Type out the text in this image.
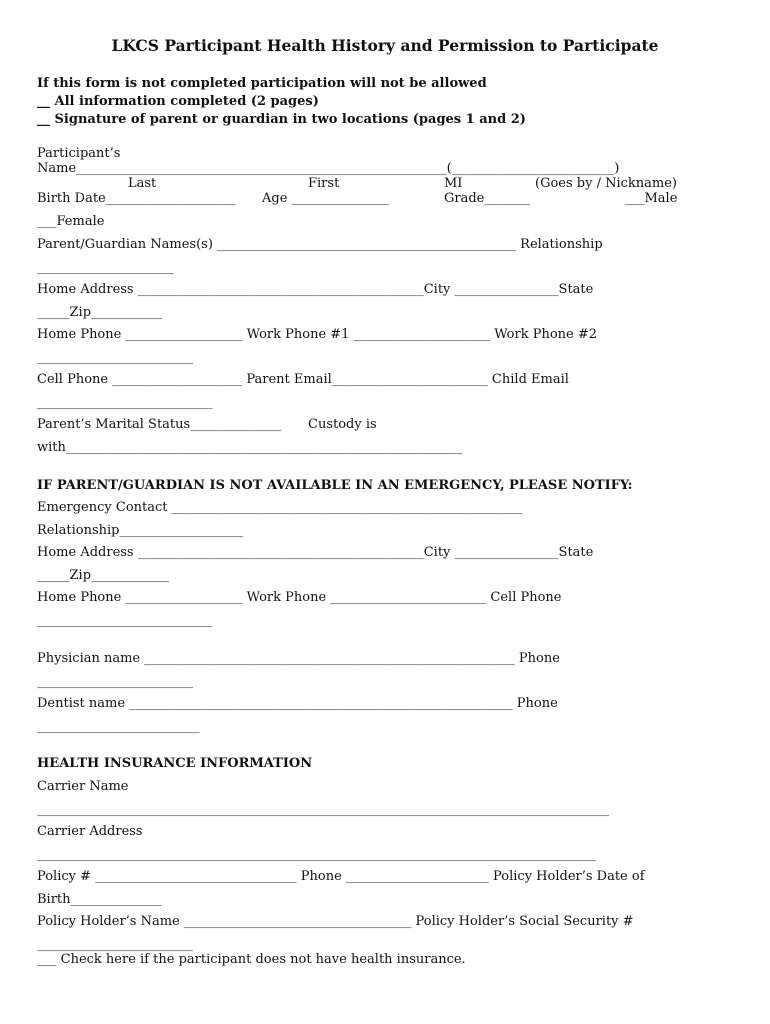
LKCS Participant Health History and Permission to Participate
If this form is not completed participation will not be allowed
__ All information completed (2 pages)
__ Signature of parent or guardian in two locations (pages 1 and 2)
Participant’s
Name_________________________________________________________(_________________________)
Last	First	MI	(Goes by / Nickname)
Birth Date____________________ Age _______________	Grade_______	___Male
___Female
Parent/Guardian Names(s) ______________________________________________ Relationship
_____________________
Home Address ____________________________________________City ________________State
_____Zip___________
Home Phone __________________ Work Phone #1 _____________________ Work Phone #2
________________________
Cell Phone ____________________ Parent Email________________________ Child Email
___________________________
Parent’s Marital Status______________ Custody is
with_____________________________________________________________
IF PARENT/GUARDIAN IS NOT AVAILABLE IN AN EMERGENCY, PLEASE NOTIFY:
Emergency Contact ______________________________________________________
Relationship___________________
Home Address ____________________________________________City ________________State
_____Zip____________
Home Phone __________________ Work Phone ________________________ Cell Phone
___________________________
Physician name _________________________________________________________ Phone
________________________
Dentist name ___________________________________________________________ Phone
_________________________
HEALTH INSURANCE INFORMATION
Carrier Name
________________________________________________________________________________________
Carrier Address
______________________________________________________________________________________
Policy # _______________________________ Phone ______________________ Policy Holder’s Date of
Birth______________
Policy Holder’s Name ___________________________________ Policy Holder’s Social Security #
________________________
___ Check here if the participant does not have health insurance.
